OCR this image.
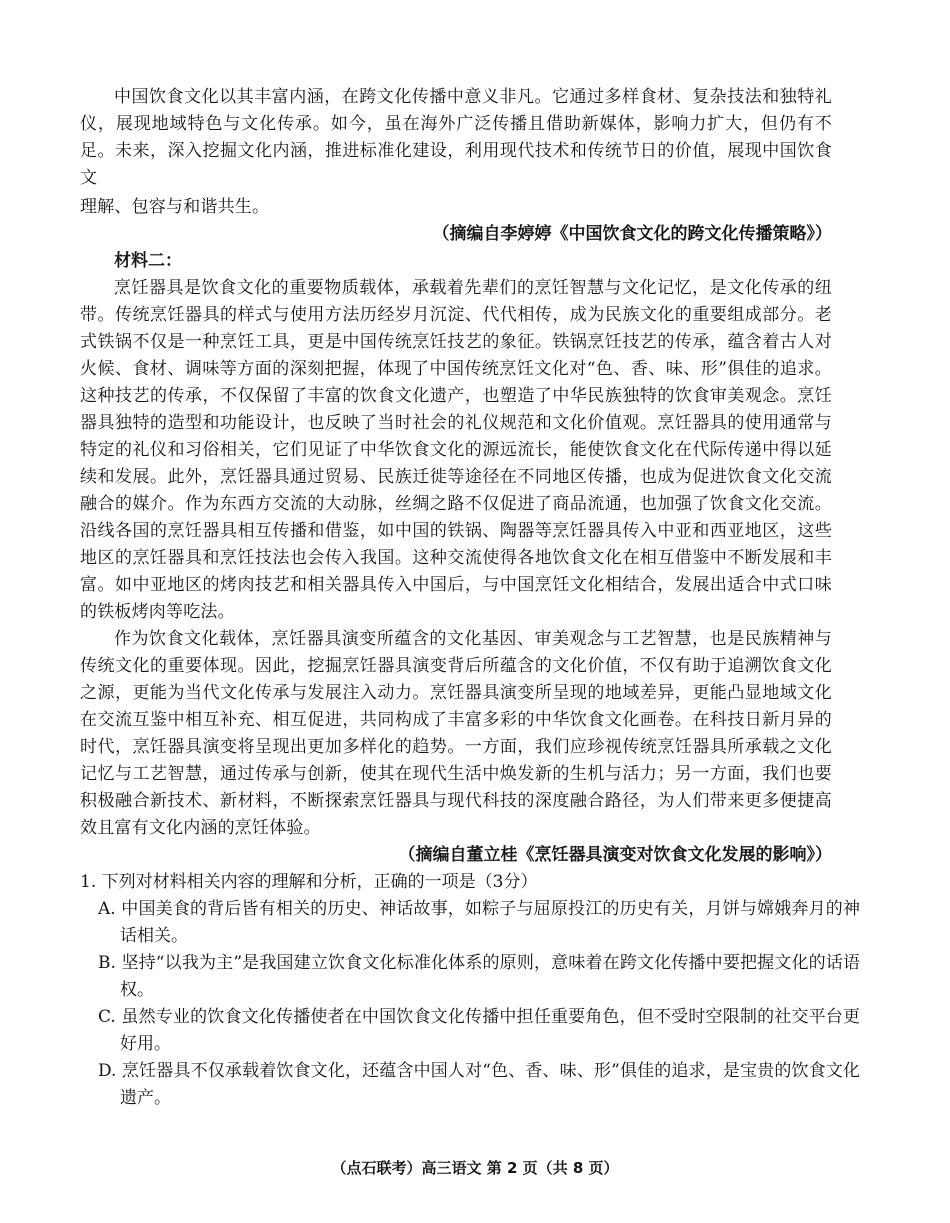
中国饮食文化以其丰富内涵，在跨文化传播中意义非凡。它通过多样食材、复杂技法和独特礼仪，展现地域特色与文化传承。如今，虽在海外广泛传播且借助新媒体，影响力扩大，但仍有不足。未来，深入挖掘文化内涵，推进标准化建设，利用现代技术和传统节日的价值，展现中国饮食文

理解、包容与和谐共生。

（摘编自李婷婷《中国饮食文化的跨文化传播策略》）

材料二：

烹饪器具是饮食文化的重要物质载体，承载着先辈们的烹饪智慧与文化记忆，是文化传承的纽带。传统烹饪器具的样式与使用方法历经岁月沉淀、代代相传，成为民族文化的重要组成部分。老式铁锅不仅是一种烹饪工具，更是中国传统烹饪技艺的象征。铁锅烹饪技艺的传承，蕴含着古人对火候、食材、调味等方面的深刻把握，体现了中国传统烹饪文化对“色、香、味、形”俱佳的追求。这种技艺的传承，不仅保留了丰富的饮食文化遗产，也塑造了中华民族独特的饮食审美观念。烹饪器具独特的造型和功能设计，也反映了当时社会的礼仪规范和文化价值观。烹饪器具的使用通常与特定的礼仪和习俗相关，它们见证了中华饮食文化的源远流长，能使饮食文化在代际传递中得以延续和发展。此外，烹饪器具通过贸易、民族迁徙等途径在不同地区传播，也成为促进饮食文化交流融合的媒介。作为东西方交流的大动脉，丝绸之路不仅促进了商品流通，也加强了饮食文化交流。沿线各国的烹饪器具相互传播和借鉴，如中国的铁锅、陶器等烹饪器具传入中亚和西亚地区，这些地区的烹饪器具和烹饪技法也会传入我国。这种交流使得各地饮食文化在相互借鉴中不断发展和丰富。如中亚地区的烤肉技艺和相关器具传入中国后，与中国烹饪文化相结合，发展出适合中式口味的铁板烤肉等吃法。

作为饮食文化载体，烹饪器具演变所蕴含的文化基因、审美观念与工艺智慧，也是民族精神与传统文化的重要体现。因此，挖掘烹饪器具演变背后所蕴含的文化价值，不仅有助于追溯饮食文化之源，更能为当代文化传承与发展注入动力。烹饪器具演变所呈现的地域差异，更能凸显地域文化在交流互鉴中相互补充、相互促进，共同构成了丰富多彩的中华饮食文化画卷。在科技日新月异的时代，烹饪器具演变将呈现出更加多样化的趋势。一方面，我们应珍视传统烹饪器具所承载之文化记忆与工艺智慧，通过传承与创新，使其在现代生活中焕发新的生机与活力；另一方面，我们也要积极融合新技术、新材料，不断探索烹饪器具与现代科技的深度融合路径，为人们带来更多便捷高效且富有文化内涵的烹饪体验。

（摘编自董立桂《烹饪器具演变对饮食文化发展的影响》）

1. 下列对材料相关内容的理解和分析，正确的一项是（3分）

A. 中国美食的背后皆有相关的历史、神话故事，如粽子与屈原投江的历史有关，月饼与嫦娥奔月的神话相关。

B. 坚持“以我为主”是我国建立饮食文化标准化体系的原则，意味着在跨文化传播中要把握文化的话语权。

C. 虽然专业的饮食文化传播使者在中国饮食文化传播中担任重要角色，但不受时空限制的社交平台更好用。

D. 烹饪器具不仅承载着饮食文化，还蕴含中国人对“色、香、味、形”俱佳的追求，是宝贵的饮食文化遗产。

（点石联考）高三语文 第 2 页（共 8 页）
